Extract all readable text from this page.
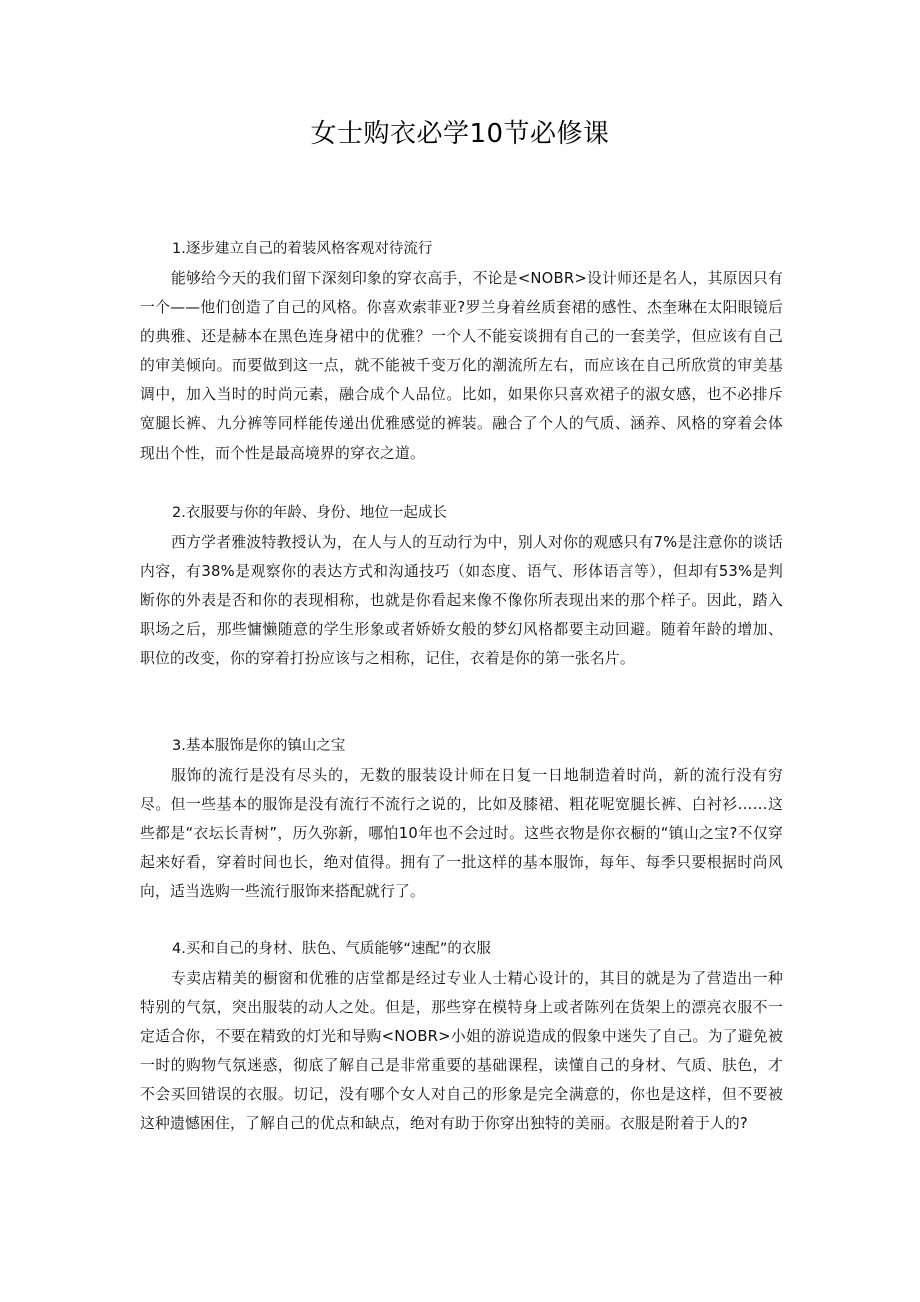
女士购衣必学10节必修课

1.逐步建立自己的着装风格客观对待流行

能够给今天的我们留下深刻印象的穿衣高手，不论是<NOBR>设计师还是名人，其原因只有一个——他们创造了自己的风格。你喜欢索菲亚?罗兰身着丝质套裙的感性、杰奎琳在太阳眼镜后的典雅、还是赫本在黑色连身裙中的优雅？一个人不能妄谈拥有自己的一套美学，但应该有自己的审美倾向。而要做到这一点，就不能被千变万化的潮流所左右，而应该在自己所欣赏的审美基调中，加入当时的时尚元素，融合成个人品位。比如，如果你只喜欢裙子的淑女感，也不必排斥宽腿长裤、九分裤等同样能传递出优雅感觉的裤装。融合了个人的气质、涵养、风格的穿着会体现出个性，而个性是最高境界的穿衣之道。

2.衣服要与你的年龄、身份、地位一起成长

西方学者雅波特教授认为，在人与人的互动行为中，别人对你的观感只有7%是注意你的谈话内容，有38%是观察你的表达方式和沟通技巧（如态度、语气、形体语言等），但却有53%是判断你的外表是否和你的表现相称，也就是你看起来像不像你所表现出来的那个样子。因此，踏入职场之后，那些慵懒随意的学生形象或者娇娇女般的梦幻风格都要主动回避。随着年龄的增加、职位的改变，你的穿着打扮应该与之相称，记住，衣着是你的第一张名片。

3.基本服饰是你的镇山之宝

服饰的流行是没有尽头的，无数的服装设计师在日复一日地制造着时尚，新的流行没有穷尽。但一些基本的服饰是没有流行不流行之说的，比如及膝裙、粗花呢宽腿长裤、白衬衫……这些都是“衣坛长青树”，历久弥新，哪怕10年也不会过时。这些衣物是你衣橱的“镇山之宝?不仅穿起来好看，穿着时间也长，绝对值得。拥有了一批这样的基本服饰，每年、每季只要根据时尚风向，适当选购一些流行服饰来搭配就行了。

4.买和自己的身材、肤色、气质能够“速配”的衣服

专卖店精美的橱窗和优雅的店堂都是经过专业人士精心设计的，其目的就是为了营造出一种特别的气氛，突出服装的动人之处。但是，那些穿在模特身上或者陈列在货架上的漂亮衣服不一定适合你，不要在精致的灯光和导购<NOBR>小姐的游说造成的假象中迷失了自己。为了避免被一时的购物气氛迷惑，彻底了解自己是非常重要的基础课程，读懂自己的身材、气质、肤色，才不会买回错误的衣服。切记，没有哪个女人对自己的形象是完全满意的，你也是这样，但不要被这种遗憾困住，了解自己的优点和缺点，绝对有助于你穿出独特的美丽。衣服是附着于人的?
